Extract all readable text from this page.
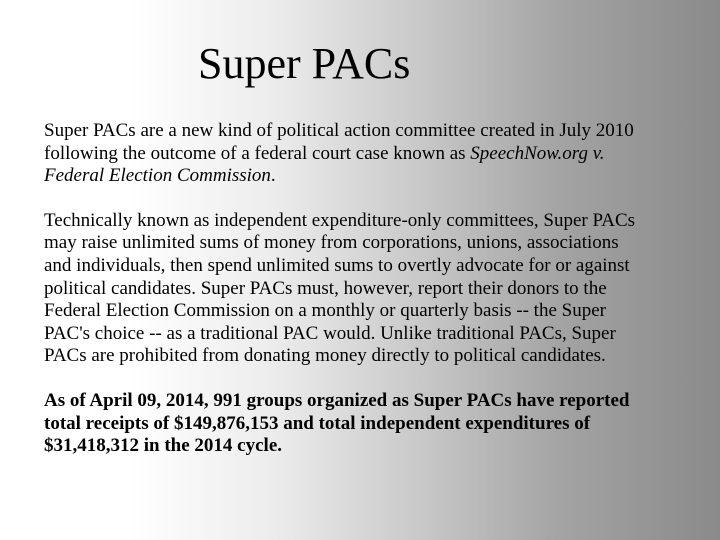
Super PACs

Super PACs are a new kind of political action committee created in July 2010
following the outcome of a federal court case known as SpeechNow.org v.
Federal Election Commission.

Technically known as independent expenditure-only committees, Super PACs
may raise unlimited sums of money from corporations, unions, associations
and individuals, then spend unlimited sums to overtly advocate for or against
political candidates. Super PACs must, however, report their donors to the
Federal Election Commission on a monthly or quarterly basis -- the Super
PAC's choice -- as a traditional PAC would. Unlike traditional PACs, Super
PACs are prohibited from donating money directly to political candidates.

As of April 09, 2014, 991 groups organized as Super PACs have reported
total receipts of $149,876,153 and total independent expenditures of
$31,418,312 in the 2014 cycle.
